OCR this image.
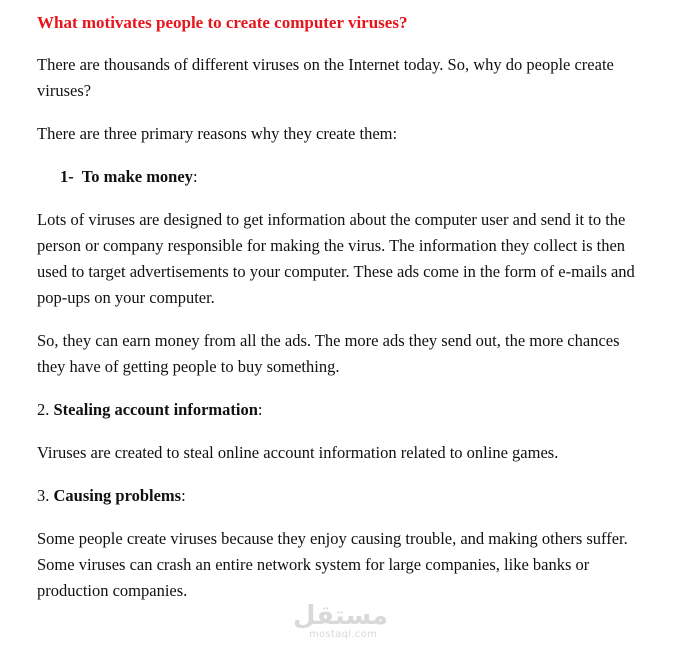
What motivates people to create computer viruses?

There are thousands of different viruses on the Internet today. So, why do people create viruses?

There are three primary reasons why they create them:

1- To make money:

Lots of viruses are designed to get information about the computer user and send it to the person or company responsible for making the virus. The information they collect is then used to target advertisements to your computer. These ads come in the form of e-mails and pop-ups on your computer.

So, they can earn money from all the ads. The more ads they send out, the more chances they have of getting people to buy something.

2. Stealing account information:

Viruses are created to steal online account information related to online games.

3. Causing problems:

Some people create viruses because they enjoy causing trouble, and making others suffer. Some viruses can crash an entire network system for large companies, like banks or production companies.

مستقل
mostaql.com
